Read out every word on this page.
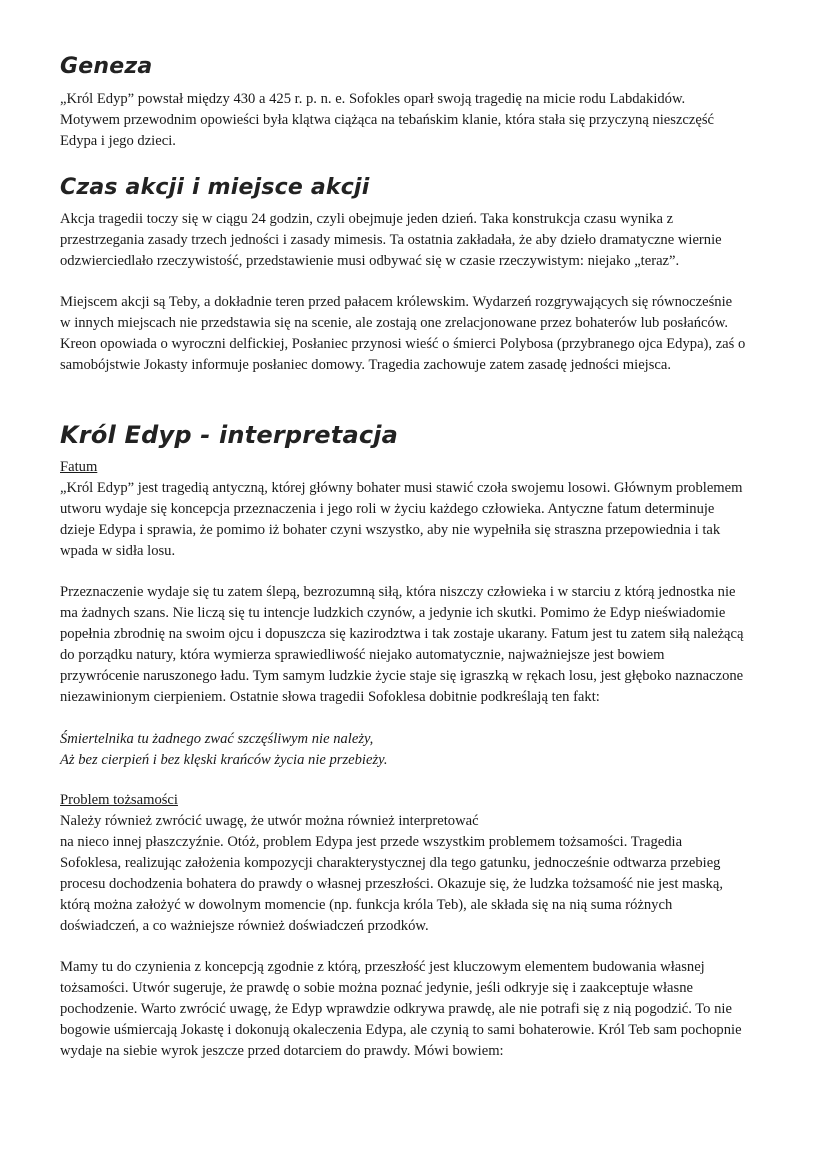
Geneza
„Król Edyp” powstał między 430 a 425 r. p. n. e. Sofokles oparł swoją tragedię na micie rodu Labdakidów.
Motywem przewodnim opowieści była klątwa ciążąca na tebańskim klanie, która stała się przyczyną nieszczęść
Edypa i jego dzieci.
Czas akcji i miejsce akcji
Akcja tragedii toczy się w ciągu 24 godzin, czyli obejmuje jeden dzień. Taka konstrukcja czasu wynika z
przestrzegania zasady trzech jedności i zasady mimesis. Ta ostatnia zakładała, że aby dzieło dramatyczne wiernie
odzwierciedlało rzeczywistość, przedstawienie musi odbywać się w czasie rzeczywistym: niejako „teraz”.
Miejscem akcji są Teby, a dokładnie teren przed pałacem królewskim. Wydarzeń rozgrywających się równocześnie
w innych miejscach nie przedstawia się na scenie, ale zostają one zrelacjonowane przez bohaterów lub posłańców.
Kreon opowiada o wyroczni delfickiej, Posłaniec przynosi wieść o śmierci Polybosa (przybranego ojca Edypa), zaś o
samobójstwie Jokasty informuje posłaniec domowy. Tragedia zachowuje zatem zasadę jedności miejsca.
Król Edyp - interpretacja
Fatum
„Król Edyp” jest tragedią antyczną, której główny bohater musi stawić czoła swojemu losowi. Głównym problemem
utworu wydaje się koncepcja przeznaczenia i jego roli w życiu każdego człowieka. Antyczne fatum determinuje
dzieje Edypa i sprawia, że pomimo iż bohater czyni wszystko, aby nie wypełniła się straszna przepowiednia i tak
wpada w sidła losu.
Przeznaczenie wydaje się tu zatem ślepą, bezrozumną siłą, która niszczy człowieka i w starciu z którą jednostka nie
ma żadnych szans. Nie liczą się tu intencje ludzkich czynów, a jedynie ich skutki. Pomimo że Edyp nieświadomie
popełnia zbrodnię na swoim ojcu i dopuszcza się kazirodztwa i tak zostaje ukarany. Fatum jest tu zatem siłą należącą
do porządku natury, która wymierza sprawiedliwość niejako automatycznie, najważniejsze jest bowiem
przywrócenie naruszonego ładu. Tym samym ludzkie życie staje się igraszką w rękach losu, jest głęboko naznaczone
niezawinionym cierpieniem. Ostatnie słowa tragedii Sofoklesa dobitnie podkreślają ten fakt:
Śmiertelnika tu żadnego zwać szczęśliwym nie należy,
Aż bez cierpień i bez klęski krańców życia nie przebieży.
Problem tożsamości
Należy również zwrócić uwagę, że utwór można również interpretować
na nieco innej płaszczyźnie. Otóż, problem Edypa jest przede wszystkim problemem tożsamości. Tragedia
Sofoklesa, realizując założenia kompozycji charakterystycznej dla tego gatunku, jednocześnie odtwarza przebieg
procesu dochodzenia bohatera do prawdy o własnej przeszłości. Okazuje się, że ludzka tożsamość nie jest maską,
którą można założyć w dowolnym momencie (np. funkcja króla Teb), ale składa się na nią suma różnych
doświadczeń, a co ważniejsze również doświadczeń przodków.
Mamy tu do czynienia z koncepcją zgodnie z którą, przeszłość jest kluczowym elementem budowania własnej
tożsamości. Utwór sugeruje, że prawdę o sobie można poznać jedynie, jeśli odkryje się i zaakceptuje własne
pochodzenie. Warto zwrócić uwagę, że Edyp wprawdzie odkrywa prawdę, ale nie potrafi się z nią pogodzić. To nie
bogowie uśmiercają Jokastę i dokonują okaleczenia Edypa, ale czynią to sami bohaterowie. Król Teb sam pochopnie
wydaje na siebie wyrok jeszcze przed dotarciem do prawdy. Mówi bowiem:
